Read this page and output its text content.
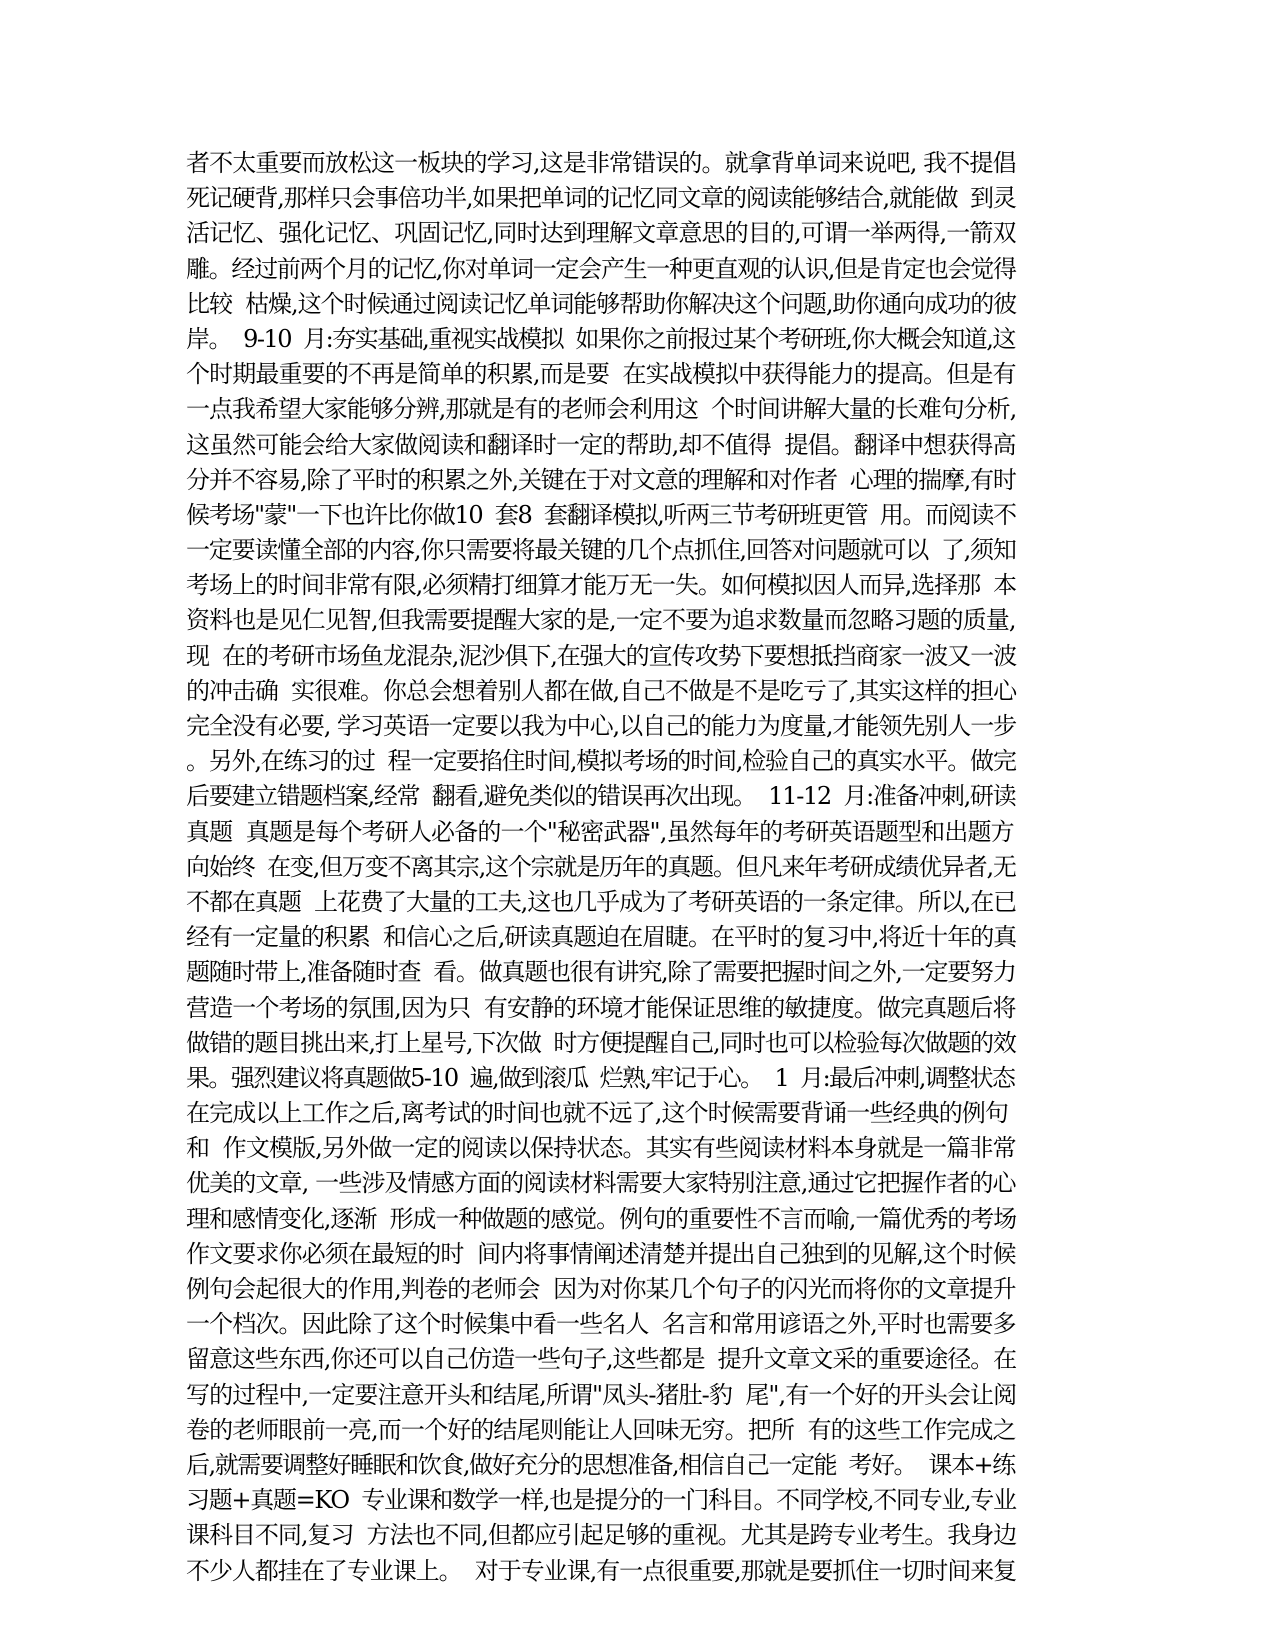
者不太重要而放松这一板块的学习,这是非常错误的。就拿背单词来说吧, 我不提倡
死记硬背,那样只会事倍功半,如果把单词的记忆同文章的阅读能够结合,就能做  到灵
活记忆、强化记忆、巩固记忆,同时达到理解文章意思的目的,可谓一举两得,一箭双
雕。经过前两个月的记忆,你对单词一定会产生一种更直观的认识,但是肯定也会觉得
比较  枯燥,这个时候通过阅读记忆单词能够帮助你解决这个问题,助你通向成功的彼
岸。  9-10  月:夯实基础,重视实战模拟  如果你之前报过某个考研班,你大概会知道,这
个时期最重要的不再是简单的积累,而是要  在实战模拟中获得能力的提高。但是有
一点我希望大家能够分辨,那就是有的老师会利用这  个时间讲解大量的长难句分析,
这虽然可能会给大家做阅读和翻译时一定的帮助,却不值得  提倡。翻译中想获得高
分并不容易,除了平时的积累之外,关键在于对文意的理解和对作者  心理的揣摩,有时
候考场"蒙"一下也许比你做10  套8  套翻译模拟,听两三节考研班更管  用。而阅读不
一定要读懂全部的内容,你只需要将最关键的几个点抓住,回答对问题就可以  了,须知
考场上的时间非常有限,必须精打细算才能万无一失。如何模拟因人而异,选择那  本
资料也是见仁见智,但我需要提醒大家的是,一定不要为追求数量而忽略习题的质量,
现  在的考研市场鱼龙混杂,泥沙俱下,在强大的宣传攻势下要想抵挡商家一波又一波
的冲击确  实很难。你总会想着别人都在做,自己不做是不是吃亏了,其实这样的担心
完全没有必要, 学习英语一定要以我为中心,以自己的能力为度量,才能领先别人一步
。另外,在练习的过  程一定要掐住时间,模拟考场的时间,检验自己的真实水平。做完
后要建立错题档案,经常  翻看,避免类似的错误再次出现。  11-12  月:准备冲刺,研读
真题  真题是每个考研人必备的一个"秘密武器",虽然每年的考研英语题型和出题方
向始终  在变,但万变不离其宗,这个宗就是历年的真题。但凡来年考研成绩优异者,无
不都在真题  上花费了大量的工夫,这也几乎成为了考研英语的一条定律。所以,在已
经有一定量的积累  和信心之后,研读真题迫在眉睫。在平时的复习中,将近十年的真
题随时带上,准备随时查  看。做真题也很有讲究,除了需要把握时间之外,一定要努力
营造一个考场的氛围,因为只  有安静的环境才能保证思维的敏捷度。做完真题后将
做错的题目挑出来,打上星号,下次做  时方便提醒自己,同时也可以检验每次做题的效
果。强烈建议将真题做5-10  遍,做到滚瓜  烂熟,牢记于心。  1  月:最后冲刺,调整状态
在完成以上工作之后,离考试的时间也就不远了,这个时候需要背诵一些经典的例句
和  作文模版,另外做一定的阅读以保持状态。其实有些阅读材料本身就是一篇非常
优美的文章, 一些涉及情感方面的阅读材料需要大家特别注意,通过它把握作者的心
理和感情变化,逐渐  形成一种做题的感觉。例句的重要性不言而喻,一篇优秀的考场
作文要求你必须在最短的时  间内将事情阐述清楚并提出自己独到的见解,这个时候
例句会起很大的作用,判卷的老师会  因为对你某几个句子的闪光而将你的文章提升
一个档次。因此除了这个时候集中看一些名人  名言和常用谚语之外,平时也需要多
留意这些东西,你还可以自己仿造一些句子,这些都是  提升文章文采的重要途径。在
写的过程中,一定要注意开头和结尾,所谓"凤头-猪肚-豹  尾",有一个好的开头会让阅
卷的老师眼前一亮,而一个好的结尾则能让人回味无穷。把所  有的这些工作完成之
后,就需要调整好睡眠和饮食,做好充分的思想准备,相信自己一定能  考好。  课本+练
习题+真题=KO  专业课和数学一样,也是提分的一门科目。不同学校,不同专业,专业
课科目不同,复习  方法也不同,但都应引起足够的重视。尤其是跨专业考生。我身边
不少人都挂在了专业课上。  对于专业课,有一点很重要,那就是要抓住一切时间来复
